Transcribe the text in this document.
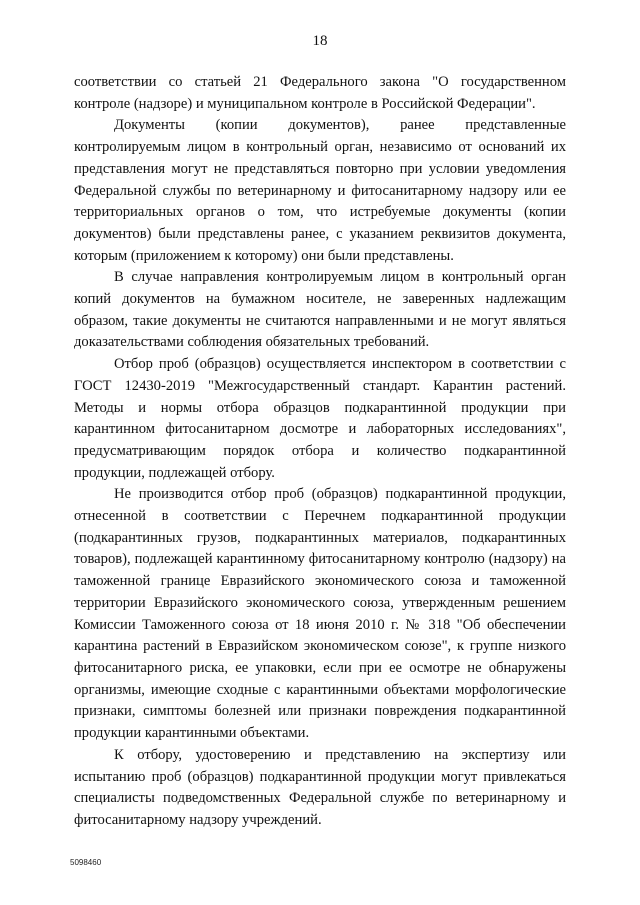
18

соответствии со статьей 21 Федерального закона "О государственном контроле (надзоре) и муниципальном контроле в Российской Федерации".

Документы (копии документов), ранее представленные контролируемым лицом в контрольный орган, независимо от оснований их представления могут не представляться повторно при условии уведомления Федеральной службы по ветеринарному и фитосанитарному надзору или ее территориальных органов о том, что истребуемые документы (копии документов) были представлены ранее, с указанием реквизитов документа, которым (приложением к которому) они были представлены.

В случае направления контролируемым лицом в контрольный орган копий документов на бумажном носителе, не заверенных надлежащим образом, такие документы не считаются направленными и не могут являться доказательствами соблюдения обязательных требований.

Отбор проб (образцов) осуществляется инспектором в соответствии с ГОСТ 12430-2019 "Межгосударственный стандарт. Карантин растений. Методы и нормы отбора образцов подкарантинной продукции при карантинном фитосанитарном досмотре и лабораторных исследованиях", предусматривающим порядок отбора и количество подкарантинной продукции, подлежащей отбору.

Не производится отбор проб (образцов) подкарантинной продукции, отнесенной в соответствии с Перечнем подкарантинной продукции (подкарантинных грузов, подкарантинных материалов, подкарантинных товаров), подлежащей карантинному фитосанитарному контролю (надзору) на таможенной границе Евразийского экономического союза и таможенной территории Евразийского экономического союза, утвержденным решением Комиссии Таможенного союза от 18 июня 2010 г. № 318 "Об обеспечении карантина растений в Евразийском экономическом союзе", к группе низкого фитосанитарного риска, ее упаковки, если при ее осмотре не обнаружены организмы, имеющие сходные с карантинными объектами морфологические признаки, симптомы болезней или признаки повреждения подкарантинной продукции карантинными объектами.

К отбору, удостоверению и представлению на экспертизу или испытанию проб (образцов) подкарантинной продукции могут привлекаться специалисты подведомственных Федеральной службе по ветеринарному и фитосанитарному надзору учреждений.

5098460
